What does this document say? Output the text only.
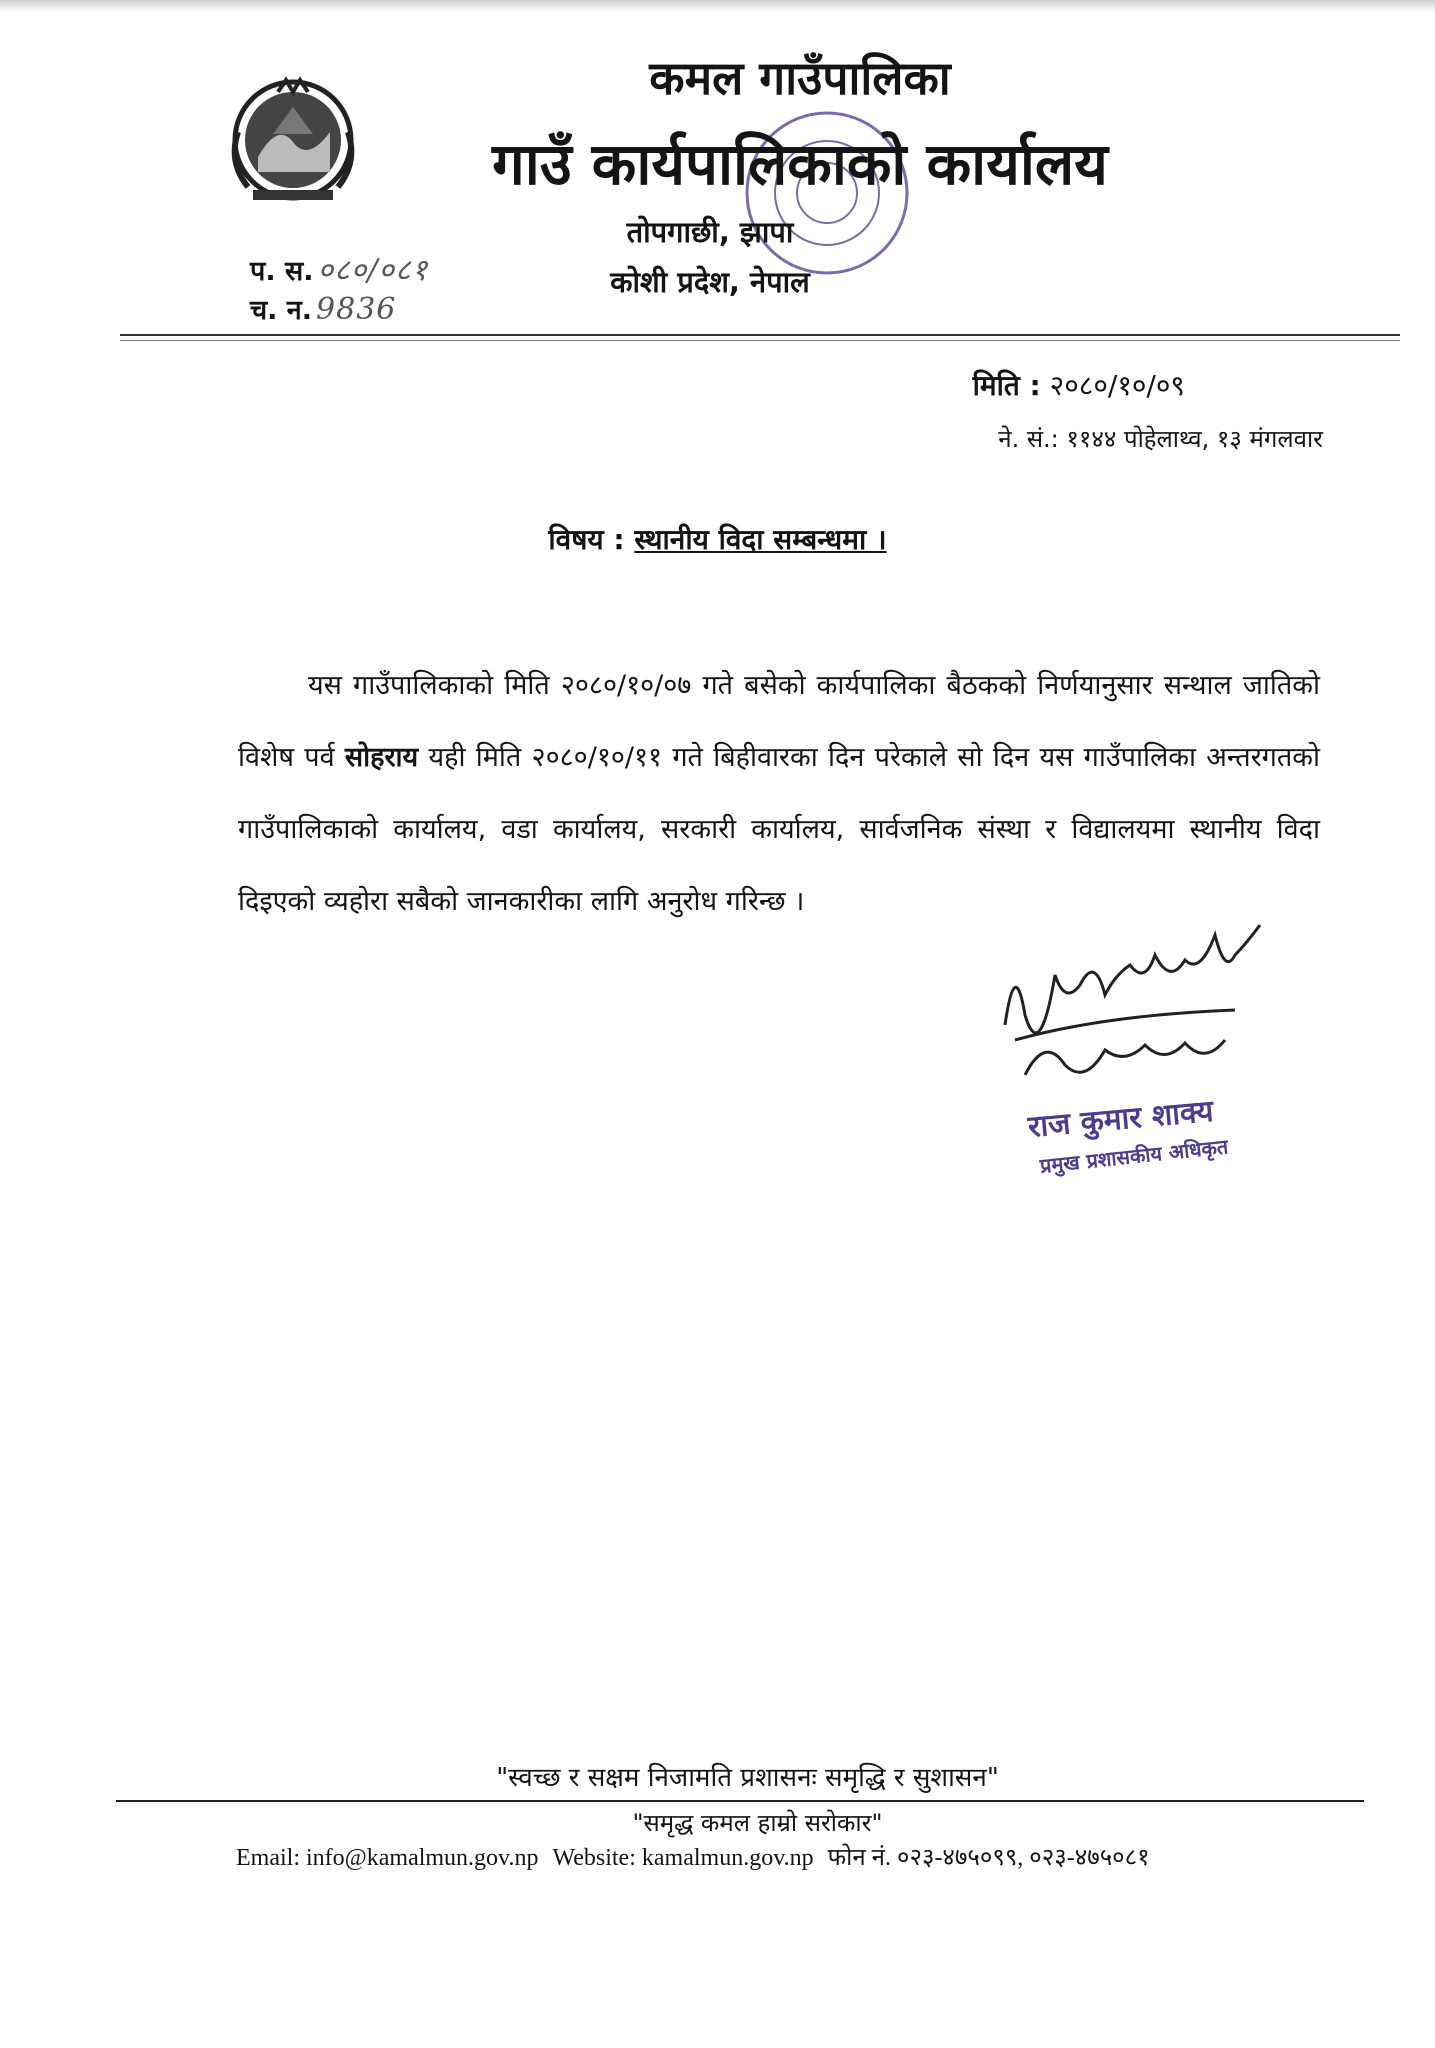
कमल गाउँपालिका
गाउँ कार्यपालिकाको कार्यालय
तोपगाछी, झापा
कोशी प्रदेश, नेपाल
प. स. ०८०/०८१
च. न. 9836
मिति : २०८०/१०/०९
ने. सं.: ११४४ पोहेलाथ्व, १३ मंगलवार
विषय : स्थानीय विदा सम्बन्धमा ।

यस गाउँपालिकाको मिति २०८०/१०/०७ गते बसेको कार्यपालिका बैठकको निर्णयानुसार सन्थाल जातिको विशेष पर्व सोहराय यही मिति २०८०/१०/११ गते बिहीवारका दिन परेकाले सो दिन यस गाउँपालिका अन्तरगतको गाउँपालिकाको कार्यालय, वडा कार्यालय, सरकारी कार्यालय, सार्वजनिक संस्था र विद्यालयमा स्थानीय विदा दिइएको व्यहोरा सबैको जानकारीका लागि अनुरोध गरिन्छ ।

राज कुमार शाक्य
प्रमुख प्रशासकीय अधिकृत
"स्वच्छ र सक्षम निजामति प्रशासनः समृद्धि र सुशासन"
"समृद्ध कमल हाम्रो सरोकार"
Email: info@kamalmun.gov.np Website: kamalmun.gov.np फोन नं. ०२३-४७५०९९, ०२३-४७५०८१
